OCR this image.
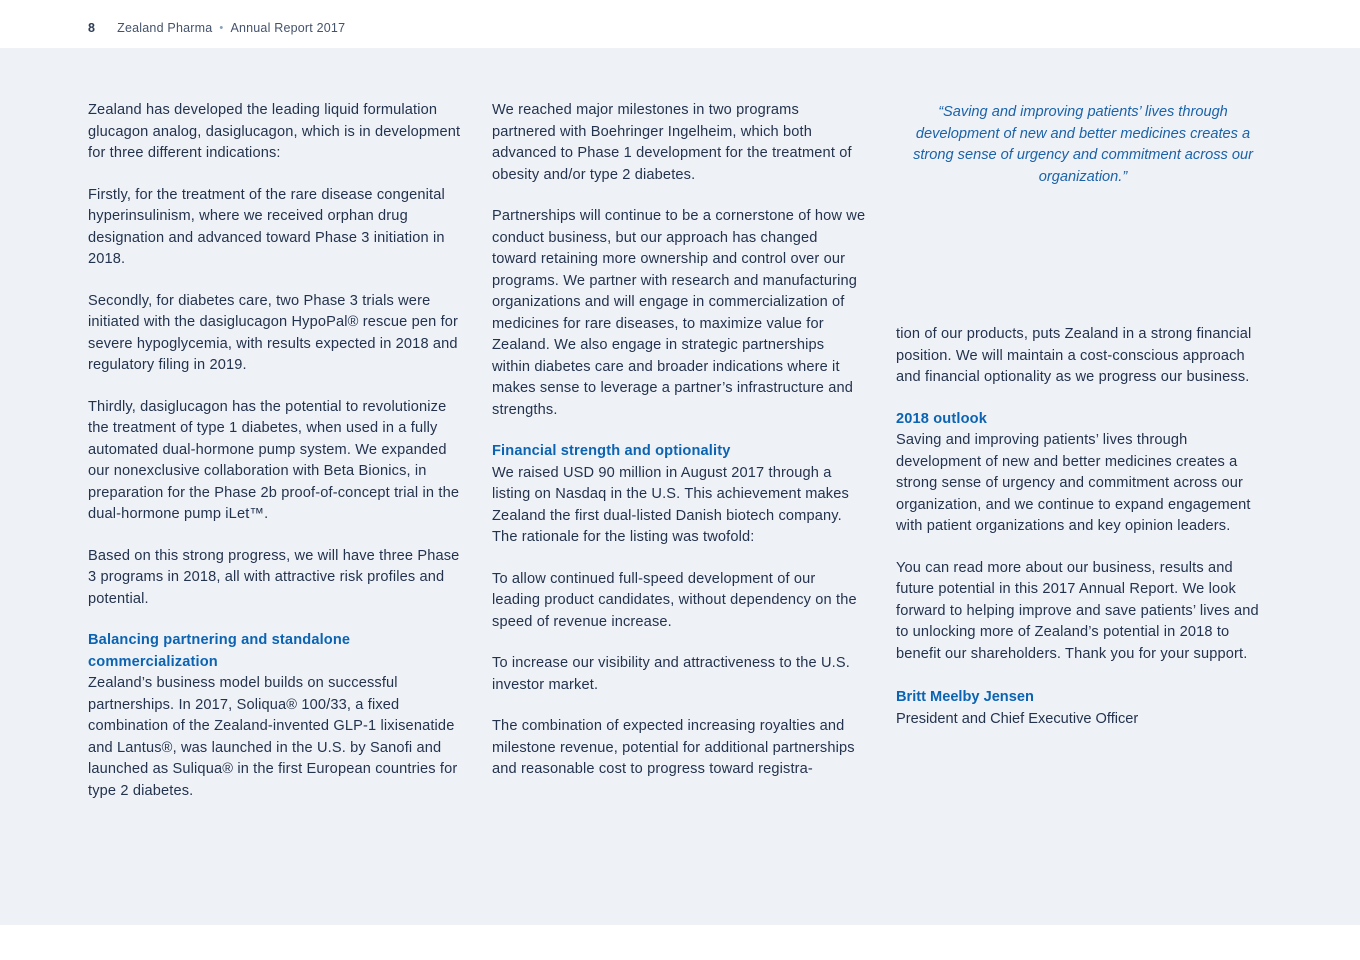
8 Zealand Pharma • Annual Report 2017

Zealand has developed the leading liquid formulation glucagon analog, dasiglucagon, which is in development for three different indications:

Firstly, for the treatment of the rare disease congenital hyperinsulinism, where we received orphan drug designation and advanced toward Phase 3 initiation in 2018.

Secondly, for diabetes care, two Phase 3 trials were initiated with the dasiglucagon HypoPal® rescue pen for severe hypoglycemia, with results expected in 2018 and regulatory filing in 2019.

Thirdly, dasiglucagon has the potential to revolutionize the treatment of type 1 diabetes, when used in a fully automated dual-hormone pump system. We expanded our nonexclusive collaboration with Beta Bionics, in preparation for the Phase 2b proof-of-concept trial in the dual-hormone pump iLet™.

Based on this strong progress, we will have three Phase 3 programs in 2018, all with attractive risk profiles and potential.

Balancing partnering and standalone commercialization

Zealand’s business model builds on successful partnerships. In 2017, Soliqua® 100/33, a fixed combination of the Zealand-invented GLP-1 lixisenatide and Lantus®, was launched in the U.S. by Sanofi and launched as Suliqua® in the first European countries for type 2 diabetes.

We reached major milestones in two programs partnered with Boehringer Ingelheim, which both advanced to Phase 1 development for the treatment of obesity and/or type 2 diabetes.

Partnerships will continue to be a cornerstone of how we conduct business, but our approach has changed toward retaining more ownership and control over our programs. We partner with research and manufacturing organizations and will engage in commercialization of medicines for rare diseases, to maximize value for Zealand. We also engage in strategic partnerships within diabetes care and broader indications where it makes sense to leverage a partner’s infrastructure and strengths.

Financial strength and optionality

We raised USD 90 million in August 2017 through a listing on Nasdaq in the U.S. This achievement makes Zealand the first dual-listed Danish biotech company. The rationale for the listing was twofold:

To allow continued full-speed development of our leading product candidates, without dependency on the speed of revenue increase.

To increase our visibility and attractiveness to the U.S. investor market.

The combination of expected increasing royalties and milestone revenue, potential for additional partnerships and reasonable cost to progress toward registra-

“Saving and improving patients’ lives through development of new and better medicines creates a strong sense of urgency and commitment across our organization.”

tion of our products, puts Zealand in a strong financial position. We will maintain a cost-conscious approach and financial optionality as we progress our business.

2018 outlook

Saving and improving patients’ lives through development of new and better medicines creates a strong sense of urgency and commitment across our organization, and we continue to expand engagement with patient organizations and key opinion leaders.

You can read more about our business, results and future potential in this 2017 Annual Report. We look forward to helping improve and save patients’ lives and to unlocking more of Zealand’s potential in 2018 to benefit our shareholders. Thank you for your support.

Britt Meelby Jensen
President and Chief Executive Officer
